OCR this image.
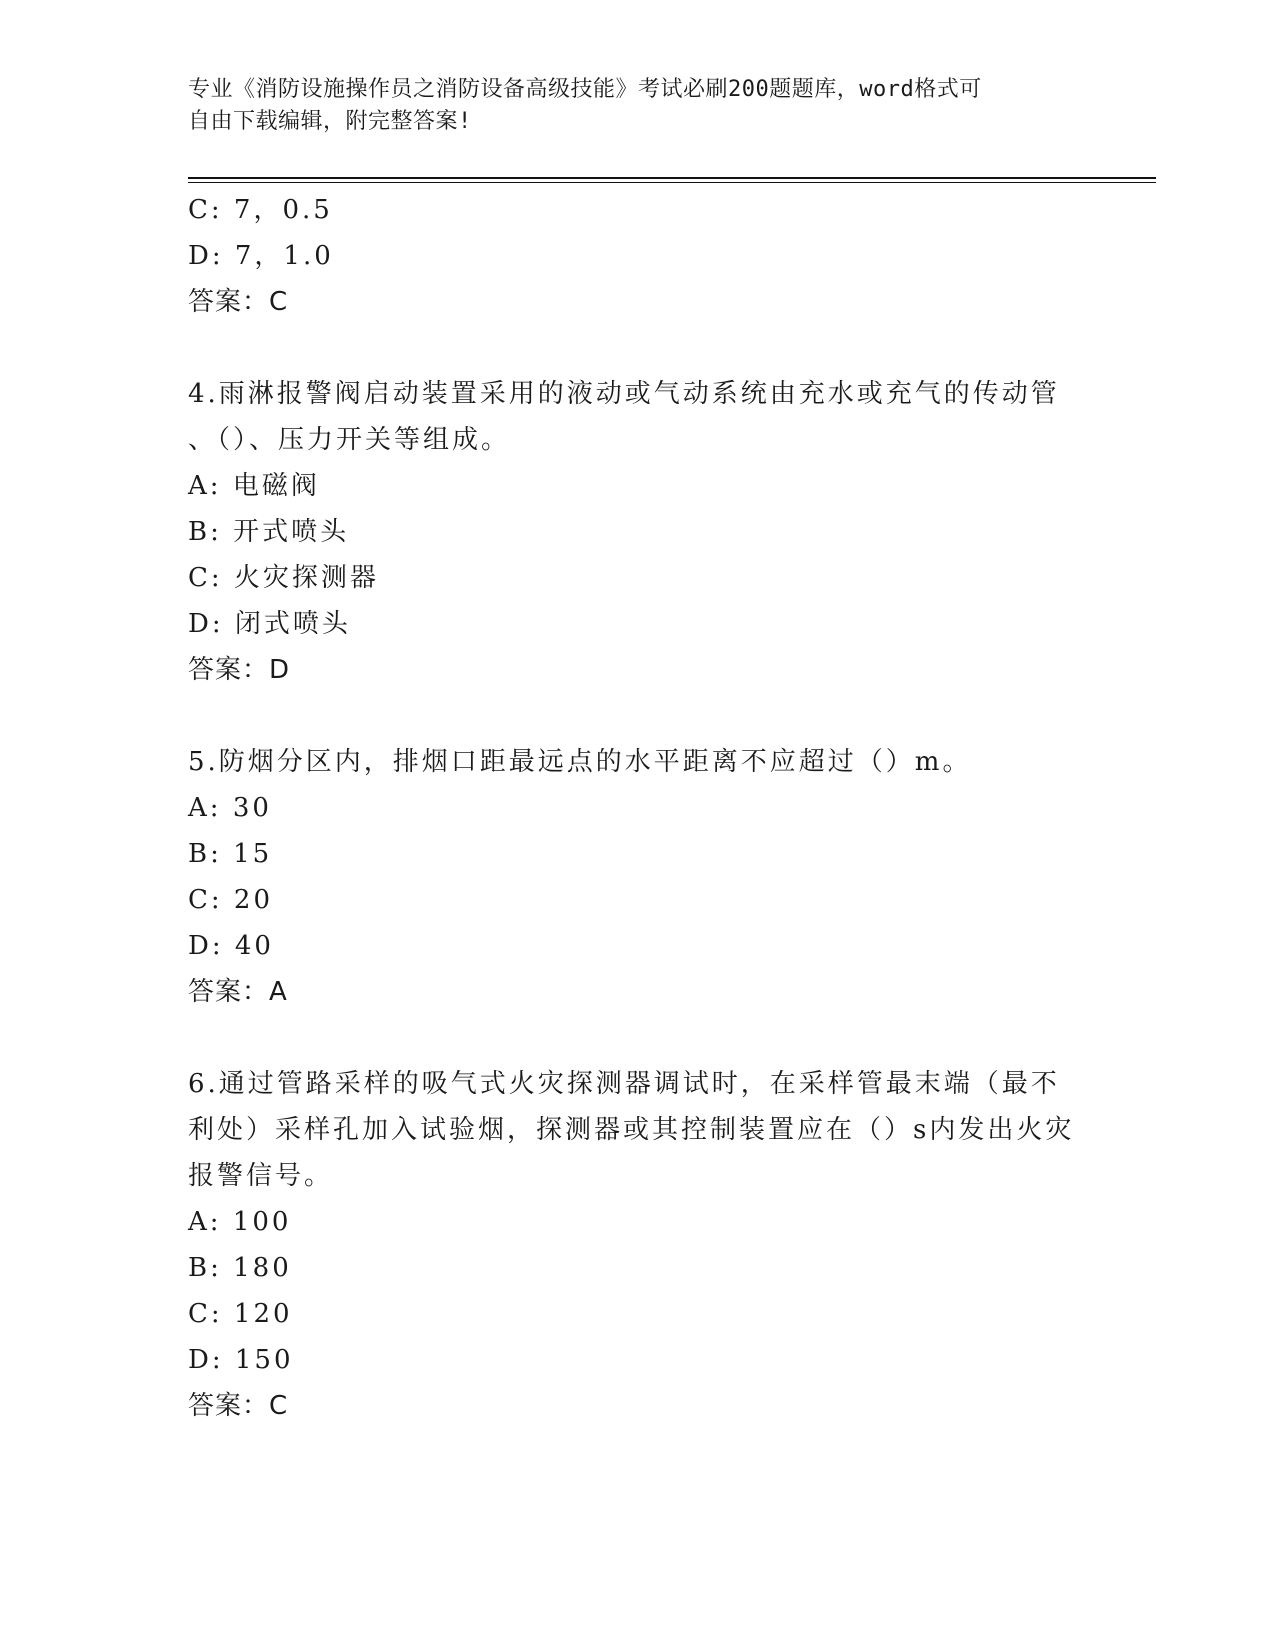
专业《消防设施操作员之消防设备高级技能》考试必刷200题题库，word格式可
自由下载编辑，附完整答案!
C: 7，0.5
D: 7，1.0
答案：C
4.雨淋报警阀启动装置采用的液动或气动系统由充水或充气的传动管
、（）、压力开关等组成。
A: 电磁阀
B: 开式喷头
C: 火灾探测器
D: 闭式喷头
答案：D
5.防烟分区内，排烟口距最远点的水平距离不应超过（）m。
A: 30
B: 15
C: 20
D: 40
答案：A
6.通过管路采样的吸气式火灾探测器调试时，在采样管最末端（最不
利处）采样孔加入试验烟，探测器或其控制装置应在（）s内发出火灾
报警信号。
A: 100
B: 180
C: 120
D: 150
答案：C
